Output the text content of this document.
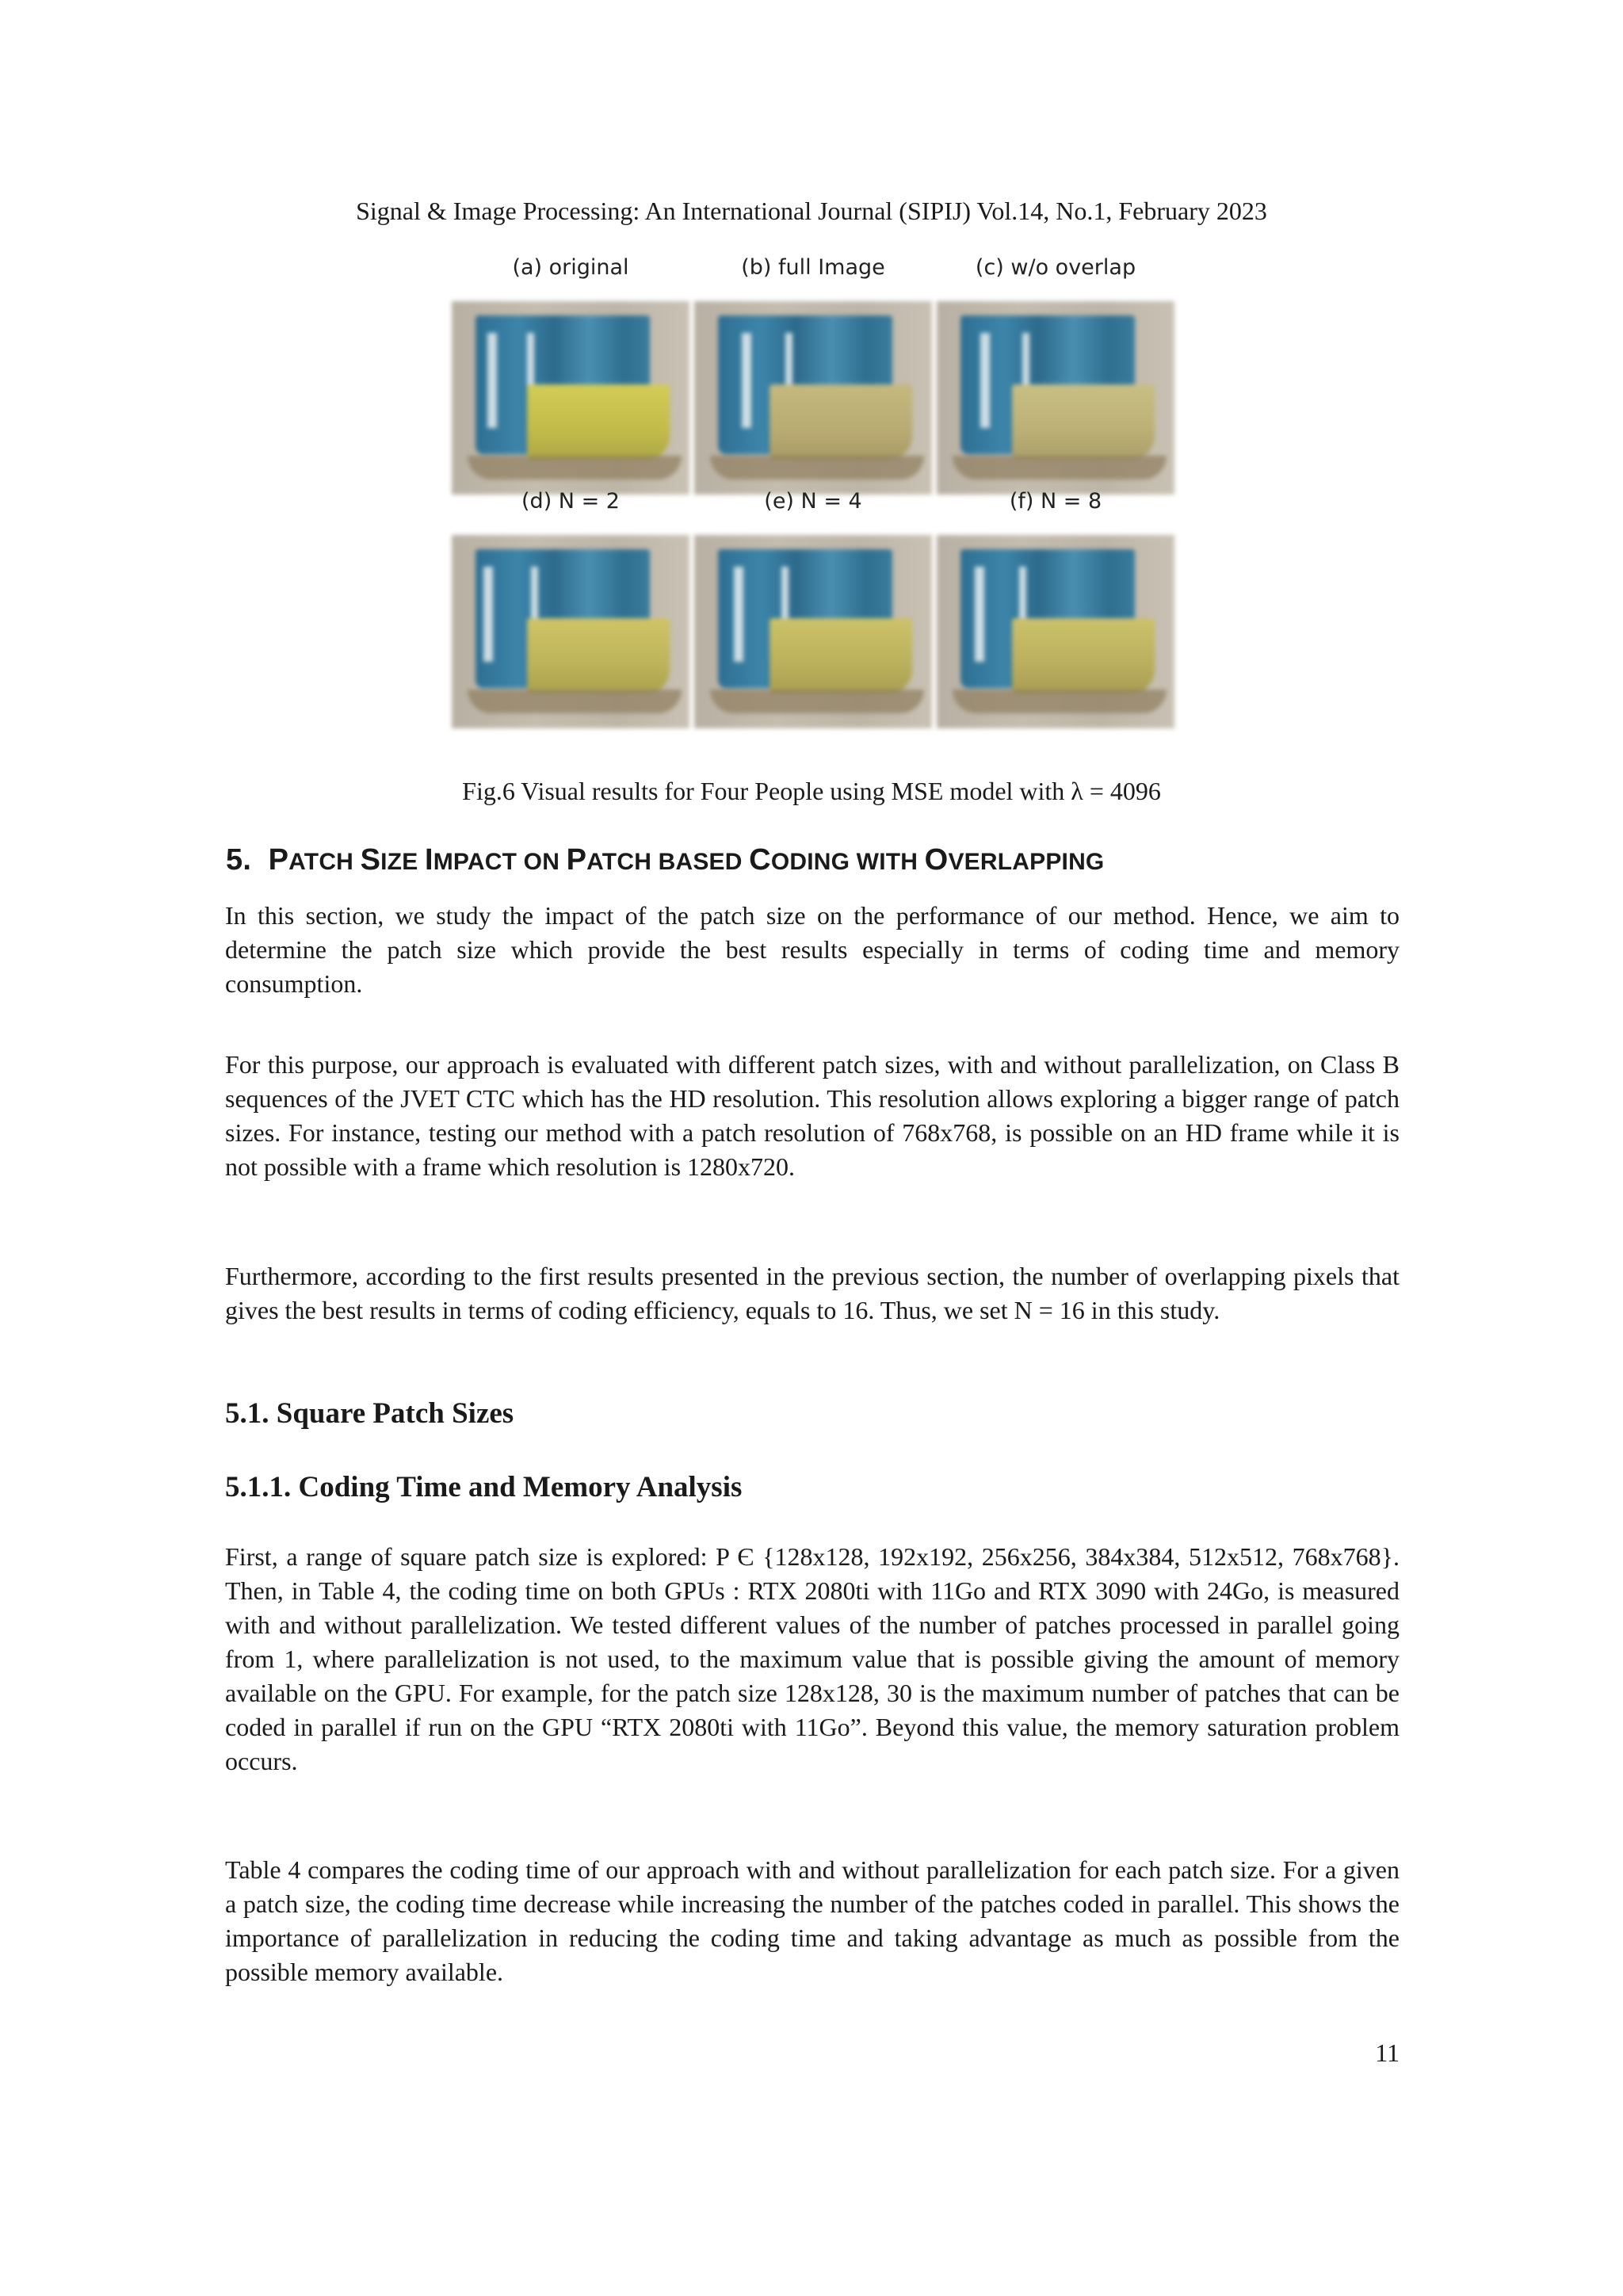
Signal & Image Processing: An International Journal (SIPIJ) Vol.14, No.1, February 2023
(a) original	(b) full Image	(c) w/o overlap
(d) N = 2	(e) N = 4	(f) N = 8
Fig.6 Visual results for Four People using MSE model with λ = 4096
5. PATCH SIZE IMPACT ON PATCH BASED CODING WITH OVERLAPPING

In this section, we study the impact of the patch size on the performance of our method. Hence, we aim to determine the patch size which provide the best results especially in terms of coding time and memory consumption.

For this purpose, our approach is evaluated with different patch sizes, with and without parallelization, on Class B sequences of the JVET CTC which has the HD resolution. This resolution allows exploring a bigger range of patch sizes. For instance, testing our method with a patch resolution of 768x768, is possible on an HD frame while it is not possible with a frame which resolution is 1280x720.

Furthermore, according to the first results presented in the previous section, the number of overlapping pixels that gives the best results in terms of coding efficiency, equals to 16. Thus, we set N = 16 in this study.

5.1. Square Patch Sizes
5.1.1. Coding Time and Memory Analysis

First, a range of square patch size is explored: P Є {128x128, 192x192, 256x256, 384x384, 512x512, 768x768}. Then, in Table 4, the coding time on both GPUs : RTX 2080ti with 11Go and RTX 3090 with 24Go, is measured with and without parallelization. We tested different values of the number of patches processed in parallel going from 1, where parallelization is not used, to the maximum value that is possible giving the amount of memory available on the GPU. For example, for the patch size 128x128, 30 is the maximum number of patches that can be coded in parallel if run on the GPU “RTX 2080ti with 11Go”. Beyond this value, the memory saturation problem occurs.

Table 4 compares the coding time of our approach with and without parallelization for each patch size. For a given a patch size, the coding time decrease while increasing the number of the patches coded in parallel. This shows the importance of parallelization in reducing the coding time and taking advantage as much as possible from the possible memory available.

11
